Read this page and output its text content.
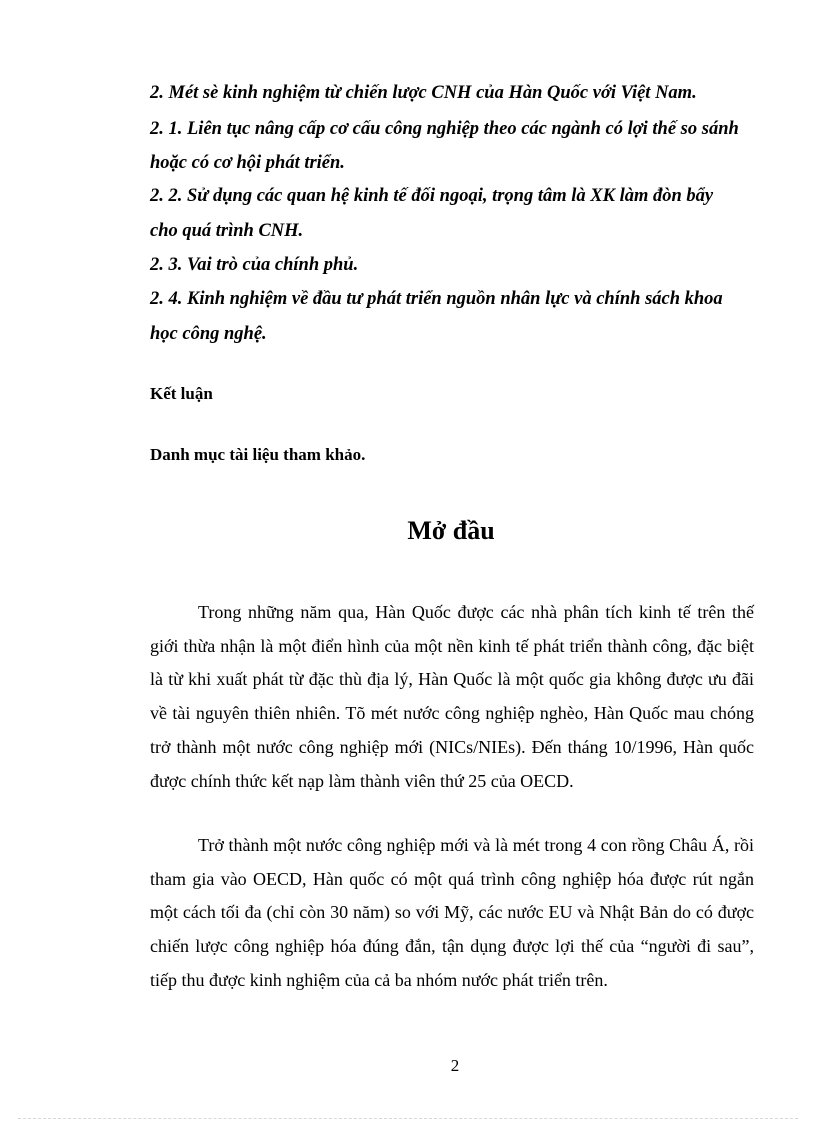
2. Mét sè kinh nghiệm từ chiến lược CNH của Hàn Quốc với Việt Nam.
2. 1. Liên tục nâng cấp cơ cấu công nghiệp theo các ngành có lợi thế so sánh
hoặc có cơ hội phát triển.
2. 2. Sử dụng các quan hệ kinh tế đối ngoại, trọng tâm là XK làm đòn bẩy
cho quá trình CNH.
2. 3. Vai trò của chính phủ.
2. 4. Kinh nghiệm về đầu tư phát triển nguồn nhân lực và chính sách khoa
học công nghệ.
Kết luận
Danh mục tài liệu tham khảo.
Mở đầu

Trong những năm qua, Hàn Quốc được các nhà phân tích kinh tế trên thế giới thừa nhận là một điển hình của một nền kinh tế phát triển thành công, đặc biệt là từ khi xuất phát từ đặc thù địa lý, Hàn Quốc là một quốc gia không được ưu đãi về tài nguyên thiên nhiên. Tõ mét nước công nghiệp nghèo, Hàn Quốc mau chóng trở thành một nước công nghiệp mới (NICs/NIEs). Đến tháng 10/1996, Hàn quốc được chính thức kết nạp làm thành viên thứ 25 của OECD.

Trở thành một nước công nghiệp mới và là mét trong 4 con rồng Châu Á, rồi tham gia vào OECD, Hàn quốc có một quá trình công nghiệp hóa được rút ngắn một cách tối đa (chỉ còn 30 năm) so với Mỹ, các nước EU và Nhật Bản do có được chiến lược công nghiệp hóa đúng đắn, tận dụng được lợi thế của “người đi sau”, tiếp thu được kinh nghiệm của cả ba nhóm nước phát triển trên.

2
